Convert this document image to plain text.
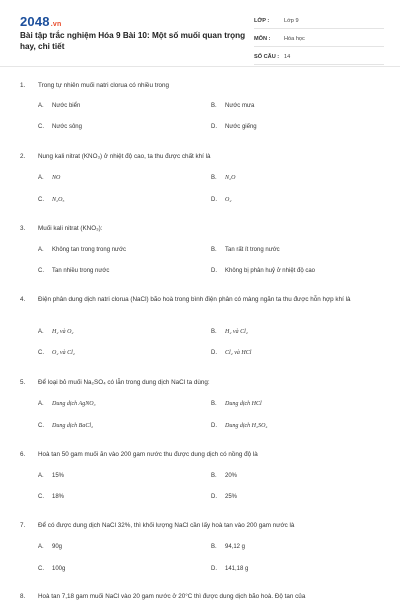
2048.vn
Bài tập trắc nghiệm Hóa 9 Bài 10: Một số muối quan trọng hay, chi tiết
LỚP :	Lớp 9
MÔN :	Hóa học
SỐ CÂU : 14
1.	Trong tự nhiên muối natri clorua có nhiều trong
A.	Nước biển	B.	Nước mưa
C.	Nước sông	D.	Nước giếng
2.	Nung kali nitrat (KNO₃) ở nhiệt độ cao, ta thu được chất khí là
A.	NO	B.	N₂O
C.	N₂O₅	D.	O₂
3.	Muối kali nitrat (KNO₃):
A.	Không tan trong trong nước	B.	Tan rất ít trong nước
C.	Tan nhiều trong nước	D.	Không bị phân huỷ ở nhiệt độ cao
4.	Điện phân dung dịch natri clorua (NaCl) bão hoà trong bình điện phân có màng ngăn ta thu được hỗn hợp khí là
A.	H₂ và O₂	B.	H₂ và Cl₂
C.	O₂ và Cl₂	D.	Cl₂ và HCl
5.	Để loại bỏ muối Na₂SO₄ có lẫn trong dung dịch NaCl ta dùng:
A.	Dung dịch AgNO₃	B.	Dung dịch HCl
C.	Dung dịch BaCl₂	D.	Dung dịch H₂SO₄
6.	Hoà tan 50 gam muối ăn vào 200 gam nước thu được dung dịch có nồng độ là
A.	15%	B.	20%
C.	18%	D.	25%
7.	Để có được dung dịch NaCl 32%, thì khối lượng NaCl cần lấy hoà tan vào 200 gam nước là
A.	90g	B.	94,12 g
C.	100g	D.	141,18 g
8.	Hoà tan 7,18 gam muối NaCl vào 20 gam nước ở 20°C thì được dung dịch bão hoà. Độ tan của
